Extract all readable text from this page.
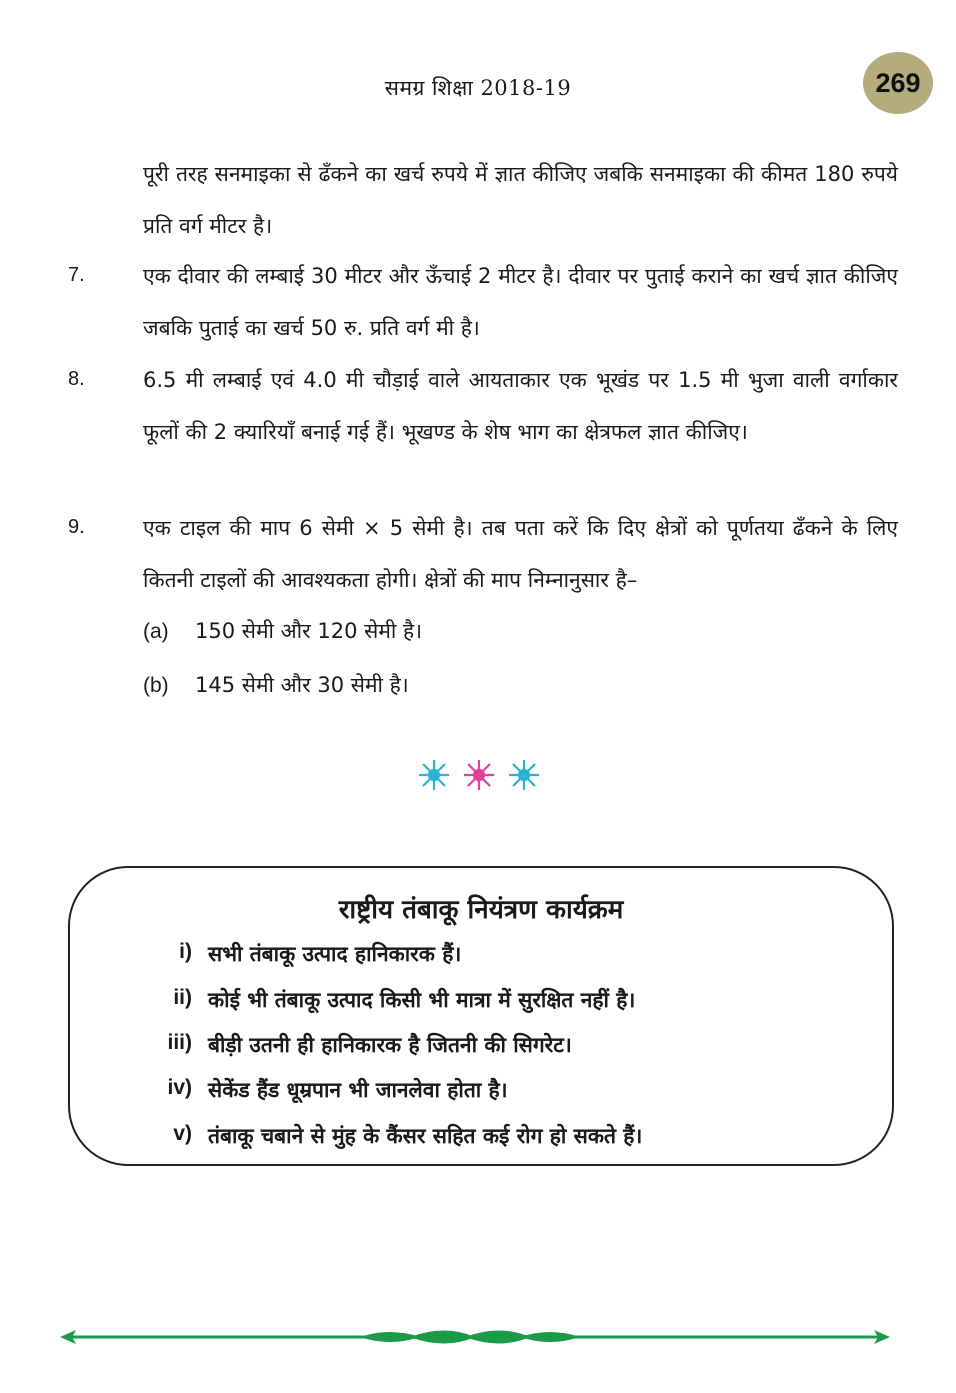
समग्र शिक्षा 2018-19	269
पूरी तरह सनमाइका से ढँकने का खर्च रुपये में ज्ञात कीजिए जबकि सनमाइका की कीमत 180 रुपये प्रति वर्ग मीटर है।
7.	एक दीवार की लम्बाई 30 मीटर और ऊँचाई 2 मीटर है। दीवार पर पुताई कराने का खर्च ज्ञात कीजिए जबकि पुताई का खर्च 50 रु. प्रति वर्ग मी है।
8.	6.5 मी लम्बाई एवं 4.0 मी चौड़ाई वाले आयताकार एक भूखंड पर 1.5 मी भुजा वाली वर्गाकार फूलों की 2 क्यारियाँ बनाई गई हैं। भूखण्ड के शेष भाग का क्षेत्रफल ज्ञात कीजिए।
9.	एक टाइल की माप 6 सेमी × 5 सेमी है। तब पता करें कि दिए क्षेत्रों को पूर्णतया ढँकने के लिए कितनी टाइलों की आवश्यकता होगी। क्षेत्रों की माप निम्नानुसार है–
(a) 150 सेमी और 120 सेमी है।
(b) 145 सेमी और 30 सेमी है।
राष्ट्रीय तंबाकू नियंत्रण कार्यक्रम
i) सभी तंबाकू उत्पाद हानिकारक हैं।
ii) कोई भी तंबाकू उत्पाद किसी भी मात्रा में सुरक्षित नहीं है।
iii) बीड़ी उतनी ही हानिकारक है जितनी की सिगरेट।
iv) सेकेंड हैंड धूम्रपान भी जानलेवा होता है।
v) तंबाकू चबाने से मुंह के कैंसर सहित कई रोग हो सकते हैं।
